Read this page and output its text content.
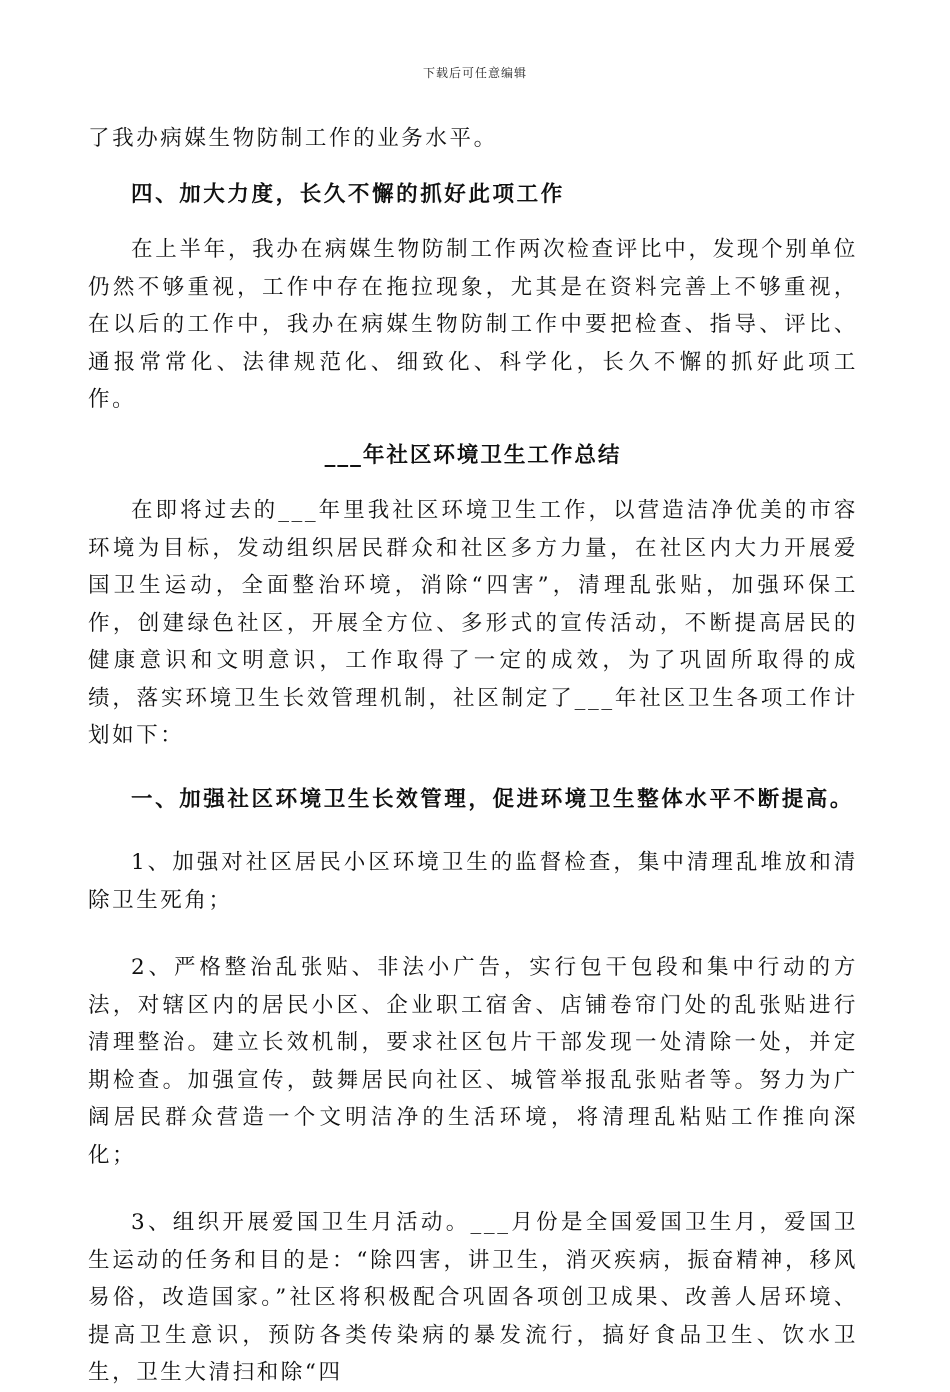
下载后可任意编辑

了我办病媒生物防制工作的业务水平。

四、加大力度，长久不懈的抓好此项工作

在上半年，我办在病媒生物防制工作两次检查评比中，发现个别单位仍然不够重视，工作中存在拖拉现象，尤其是在资料完善上不够重视，在以后的工作中，我办在病媒生物防制工作中要把检查、指导、评比、通报常常化、法律规范化、细致化、科学化，长久不懈的抓好此项工作。

___年社区环境卫生工作总结

在即将过去的___年里我社区环境卫生工作，以营造洁净优美的市容环境为目标，发动组织居民群众和社区多方力量，在社区内大力开展爱国卫生运动，全面整治环境，消除“四害”，清理乱张贴，加强环保工作，创建绿色社区，开展全方位、多形式的宣传活动，不断提高居民的健康意识和文明意识，工作取得了一定的成效，为了巩固所取得的成绩，落实环境卫生长效管理机制，社区制定了___年社区卫生各项工作计划如下：

一、加强社区环境卫生长效管理，促进环境卫生整体水平不断提高。

1、加强对社区居民小区环境卫生的监督检查，集中清理乱堆放和清除卫生死角；

2、严格整治乱张贴、非法小广告，实行包干包段和集中行动的方法，对辖区内的居民小区、企业职工宿舍、店铺卷帘门处的乱张贴进行清理整治。建立长效机制，要求社区包片干部发现一处清除一处，并定期检查。加强宣传，鼓舞居民向社区、城管举报乱张贴者等。努力为广阔居民群众营造一个文明洁净的生活环境，将清理乱粘贴工作推向深化；

3、组织开展爱国卫生月活动。___月份是全国爱国卫生月，爱国卫生运动的任务和目的是：“除四害，讲卫生，消灭疾病，振奋精神，移风易俗，改造国家。”社区将积极配合巩固各项创卫成果、改善人居环境、提高卫生意识，预防各类传染病的暴发流行，搞好食品卫生、饮水卫生，卫生大清扫和除“四
